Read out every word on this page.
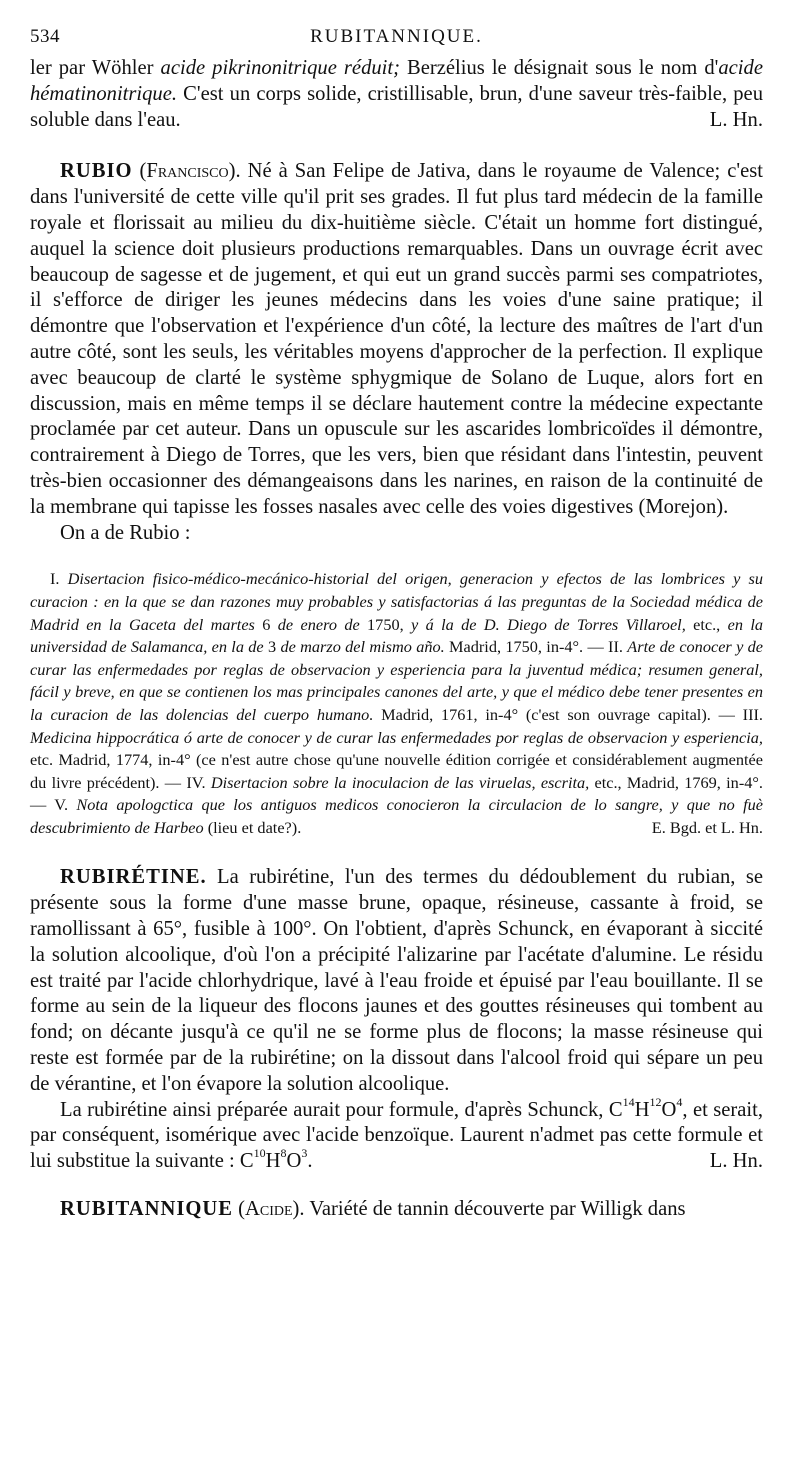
534	RUBITANNIQUE.

ler par Wöhler acide pikrinonitrique réduit; Berzélius le désignait sous le nom d'acide hématinonitrique. C'est un corps solide, cristillisable, brun, d'une saveur très-faible, peu soluble dans l'eau.	L. Hn.

RUBIO (Francisco). Né à San Felipe de Jativa, dans le royaume de Valence; c'est dans l'université de cette ville qu'il prit ses grades. Il fut plus tard médecin de la famille royale et florissait au milieu du dix-huitième siècle. C'était un homme fort distingué, auquel la science doit plusieurs productions remarquables. Dans un ouvrage écrit avec beaucoup de sagesse et de jugement, et qui eut un grand succès parmi ses compatriotes, il s'efforce de diriger les jeunes médecins dans les voies d'une saine pratique; il démontre que l'observation et l'expérience d'un côté, la lecture des maîtres de l'art d'un autre côté, sont les seuls, les véritables moyens d'approcher de la perfection. Il explique avec beaucoup de clarté le système sphygmique de Solano de Luque, alors fort en discussion, mais en même temps il se déclare hautement contre la médecine expectante proclamée par cet auteur. Dans un opuscule sur les ascarides lombricoïdes il démontre, contrairement à Diego de Torres, que les vers, bien que résidant dans l'intestin, peuvent très-bien occasionner des démangeaisons dans les narines, en raison de la continuité de la membrane qui tapisse les fosses nasales avec celle des voies digestives (Morejon).

On a de Rubio :

I. Disertacion fisico-médico-mecánico-historial del origen, generacion y efectos de las lombrices y su curacion : en la que se dan razones muy probables y satisfactorias á las preguntas de la Sociedad médica de Madrid en la Gaceta del martes 6 de enero de 1750, y á la de D. Diego de Torres Villaroel, etc., en la universidad de Salamanca, en la de 3 de marzo del mismo año. Madrid, 1750, in-4°. — II. Arte de conocer y de curar las enfermedades por reglas de observacion y esperiencia para la juventud médica; resumen general, fácil y breve, en que se contienen los mas principales canones del arte, y que el médico debe tener presentes en la curacion de las dolencias del cuerpo humano. Madrid, 1761, in-4° (c'est son ouvrage capital). — III. Medicina hippocrática ó arte de conocer y de curar las enfermedades por reglas de observacion y esperiencia, etc. Madrid, 1774, in-4° (ce n'est autre chose qu'une nouvelle édition corrigée et considérablement augmentée du livre précédent). — IV. Disertacion sobre la inoculacion de las viruelas, escrita, etc., Madrid, 1769, in-4°. — V. Nota apologctica que los antiguos medicos conocieron la circulacion de lo sangre, y que no fuè descubrimiento de Harbeo (lieu et date?).	E. Bgd. et L. Hn.

RUBIRÉTINE. La rubirétine, l'un des termes du dédoublement du rubian, se présente sous la forme d'une masse brune, opaque, résineuse, cassante à froid, se ramollissant à 65°, fusible à 100°. On l'obtient, d'après Schunck, en évaporant à siccité la solution alcoolique, d'où l'on a précipité l'alizarine par l'acétate d'alumine. Le résidu est traité par l'acide chlorhydrique, lavé à l'eau froide et épuisé par l'eau bouillante. Il se forme au sein de la liqueur des flocons jaunes et des gouttes résineuses qui tombent au fond; on décante jusqu'à ce qu'il ne se forme plus de flocons; la masse résineuse qui reste est formée par de la rubirétine; on la dissout dans l'alcool froid qui sépare un peu de vérantine, et l'on évapore la solution alcoolique.

La rubirétine ainsi préparée aurait pour formule, d'après Schunck, $C^{14}H^{12}O^4$, et serait, par conséquent, isomérique avec l'acide benzoïque. Laurent n'admet pas cette formule et lui substitue la suivante : $C^{10}H^8O^3$.	L. Hn.

RUBITANNIQUE (Acide). Variété de tannin découverte par Willigk dans
